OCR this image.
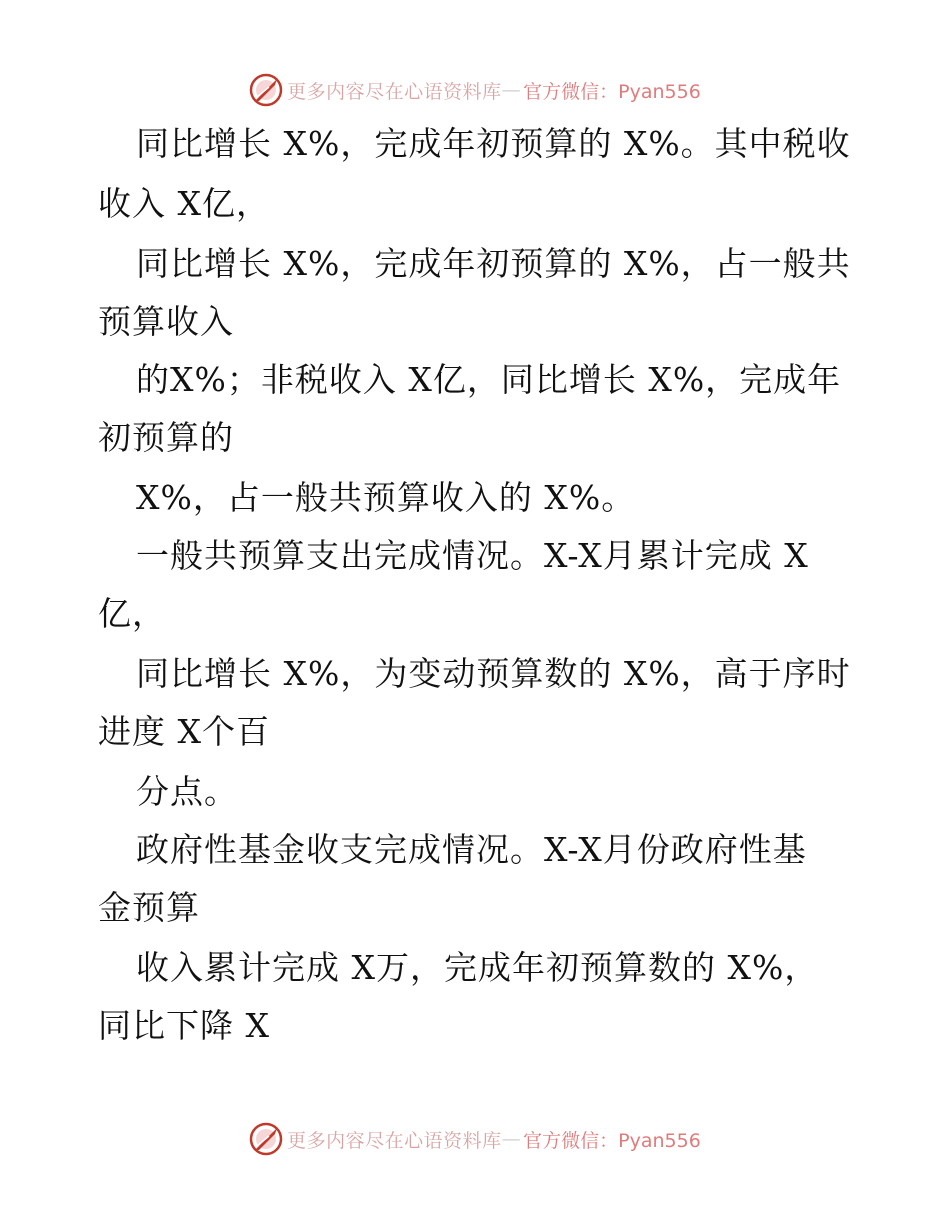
更多内容尽在心语资料库 — 官方微信：Pyan556
同比增长 X%，完成年初预算的 X%。其中税收
收入 X亿，
同比增长 X%，完成年初预算的 X%，占一般共
预算收入
的X%；非税收入 X亿，同比增长 X%，完成年
初预算的
X%，占一般共预算收入的 X%。
一般共预算支出完成情况。X-X月累计完成 X
亿，
同比增长 X%，为变动预算数的 X%，高于序时
进度 X个百
分点。
政府性基金收支完成情况。X-X月份政府性基
金预算
收入累计完成 X万，完成年初预算数的 X%，
同比下降 X
更多内容尽在心语资料库 — 官方微信：Pyan556
